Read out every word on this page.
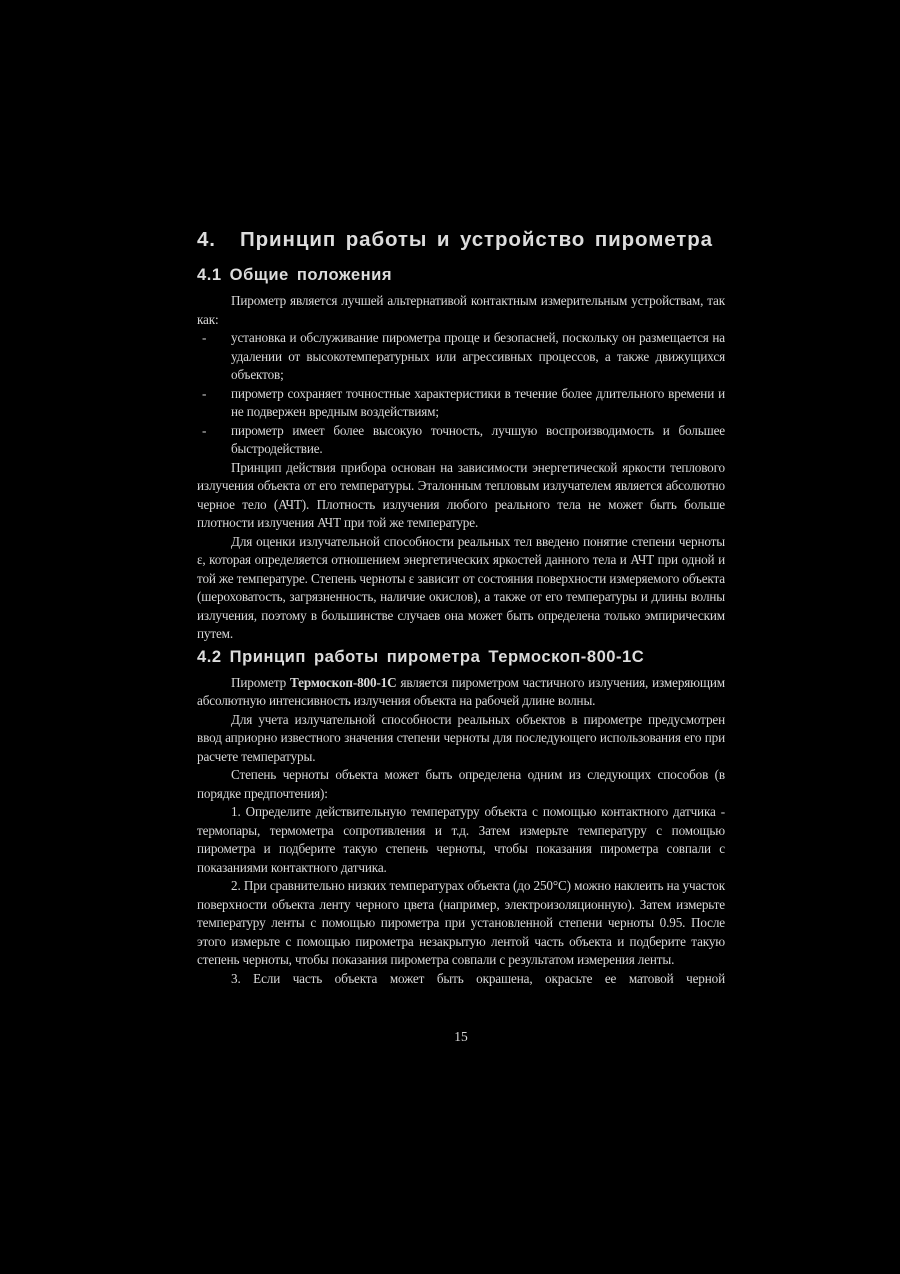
4. Принцип работы и устройство пирометра
4.1 Общие положения

Пирометр является лучшей альтернативой контактным измерительным устройствам, так как:

- установка и обслуживание пирометра проще и безопасней, поскольку он размещается на удалении от высокотемпературных или агрессивных процессов, а также движущихся объектов;
- пирометр сохраняет точностные характеристики в течение более длительного времени и не подвержен вредным воздействиям;
- пирометр имеет более высокую точность, лучшую воспроизводимость и большее быстродействие.

Принцип действия прибора основан на зависимости энергетической яркости теплового излучения объекта от его температуры. Эталонным тепловым излучателем является абсолютно черное тело (АЧТ). Плотность излучения любого реального тела не может быть больше плотности излучения АЧТ при той же температуре.

Для оценки излучательной способности реальных тел введено понятие степени черноты ε, которая определяется отношением энергетических яркостей данного тела и АЧТ при одной и той же температуре. Степень черноты ε зависит от состояния поверхности измеряемого объекта (шероховатость, загрязненность, наличие окислов), а также от его температуры и длины волны излучения, поэтому в большинстве случаев она может быть определена только эмпирическим путем.

4.2 Принцип работы пирометра Термоскоп-800-1С

Пирометр Термоскоп-800-1С является пирометром частичного излучения, измеряющим абсолютную интенсивность излучения объекта на рабочей длине волны.

Для учета излучательной способности реальных объектов в пирометре предусмотрен ввод априорно известного значения степени черноты для последующего использования его при расчете температуры.

Степень черноты объекта может быть определена одним из следующих способов (в порядке предпочтения):

1. Определите действительную температуру объекта с помощью контактного датчика - термопары, термометра сопротивления и т.д. Затем измерьте температуру с помощью пирометра и подберите такую степень черноты, чтобы показания пирометра совпали с показаниями контактного датчика.

2. При сравнительно низких температурах объекта (до 250°С) можно наклеить на участок поверхности объекта ленту черного цвета (например, электроизоляционную). Затем измерьте температуру ленты с помощью пирометра при установленной степени черноты 0.95. После этого измерьте с помощью пирометра незакрытую лентой часть объекта и подберите такую степень черноты, чтобы показания пирометра совпали с результатом измерения ленты.

3. Если часть объекта может быть окрашена, окрасьте ее матовой черной

15
